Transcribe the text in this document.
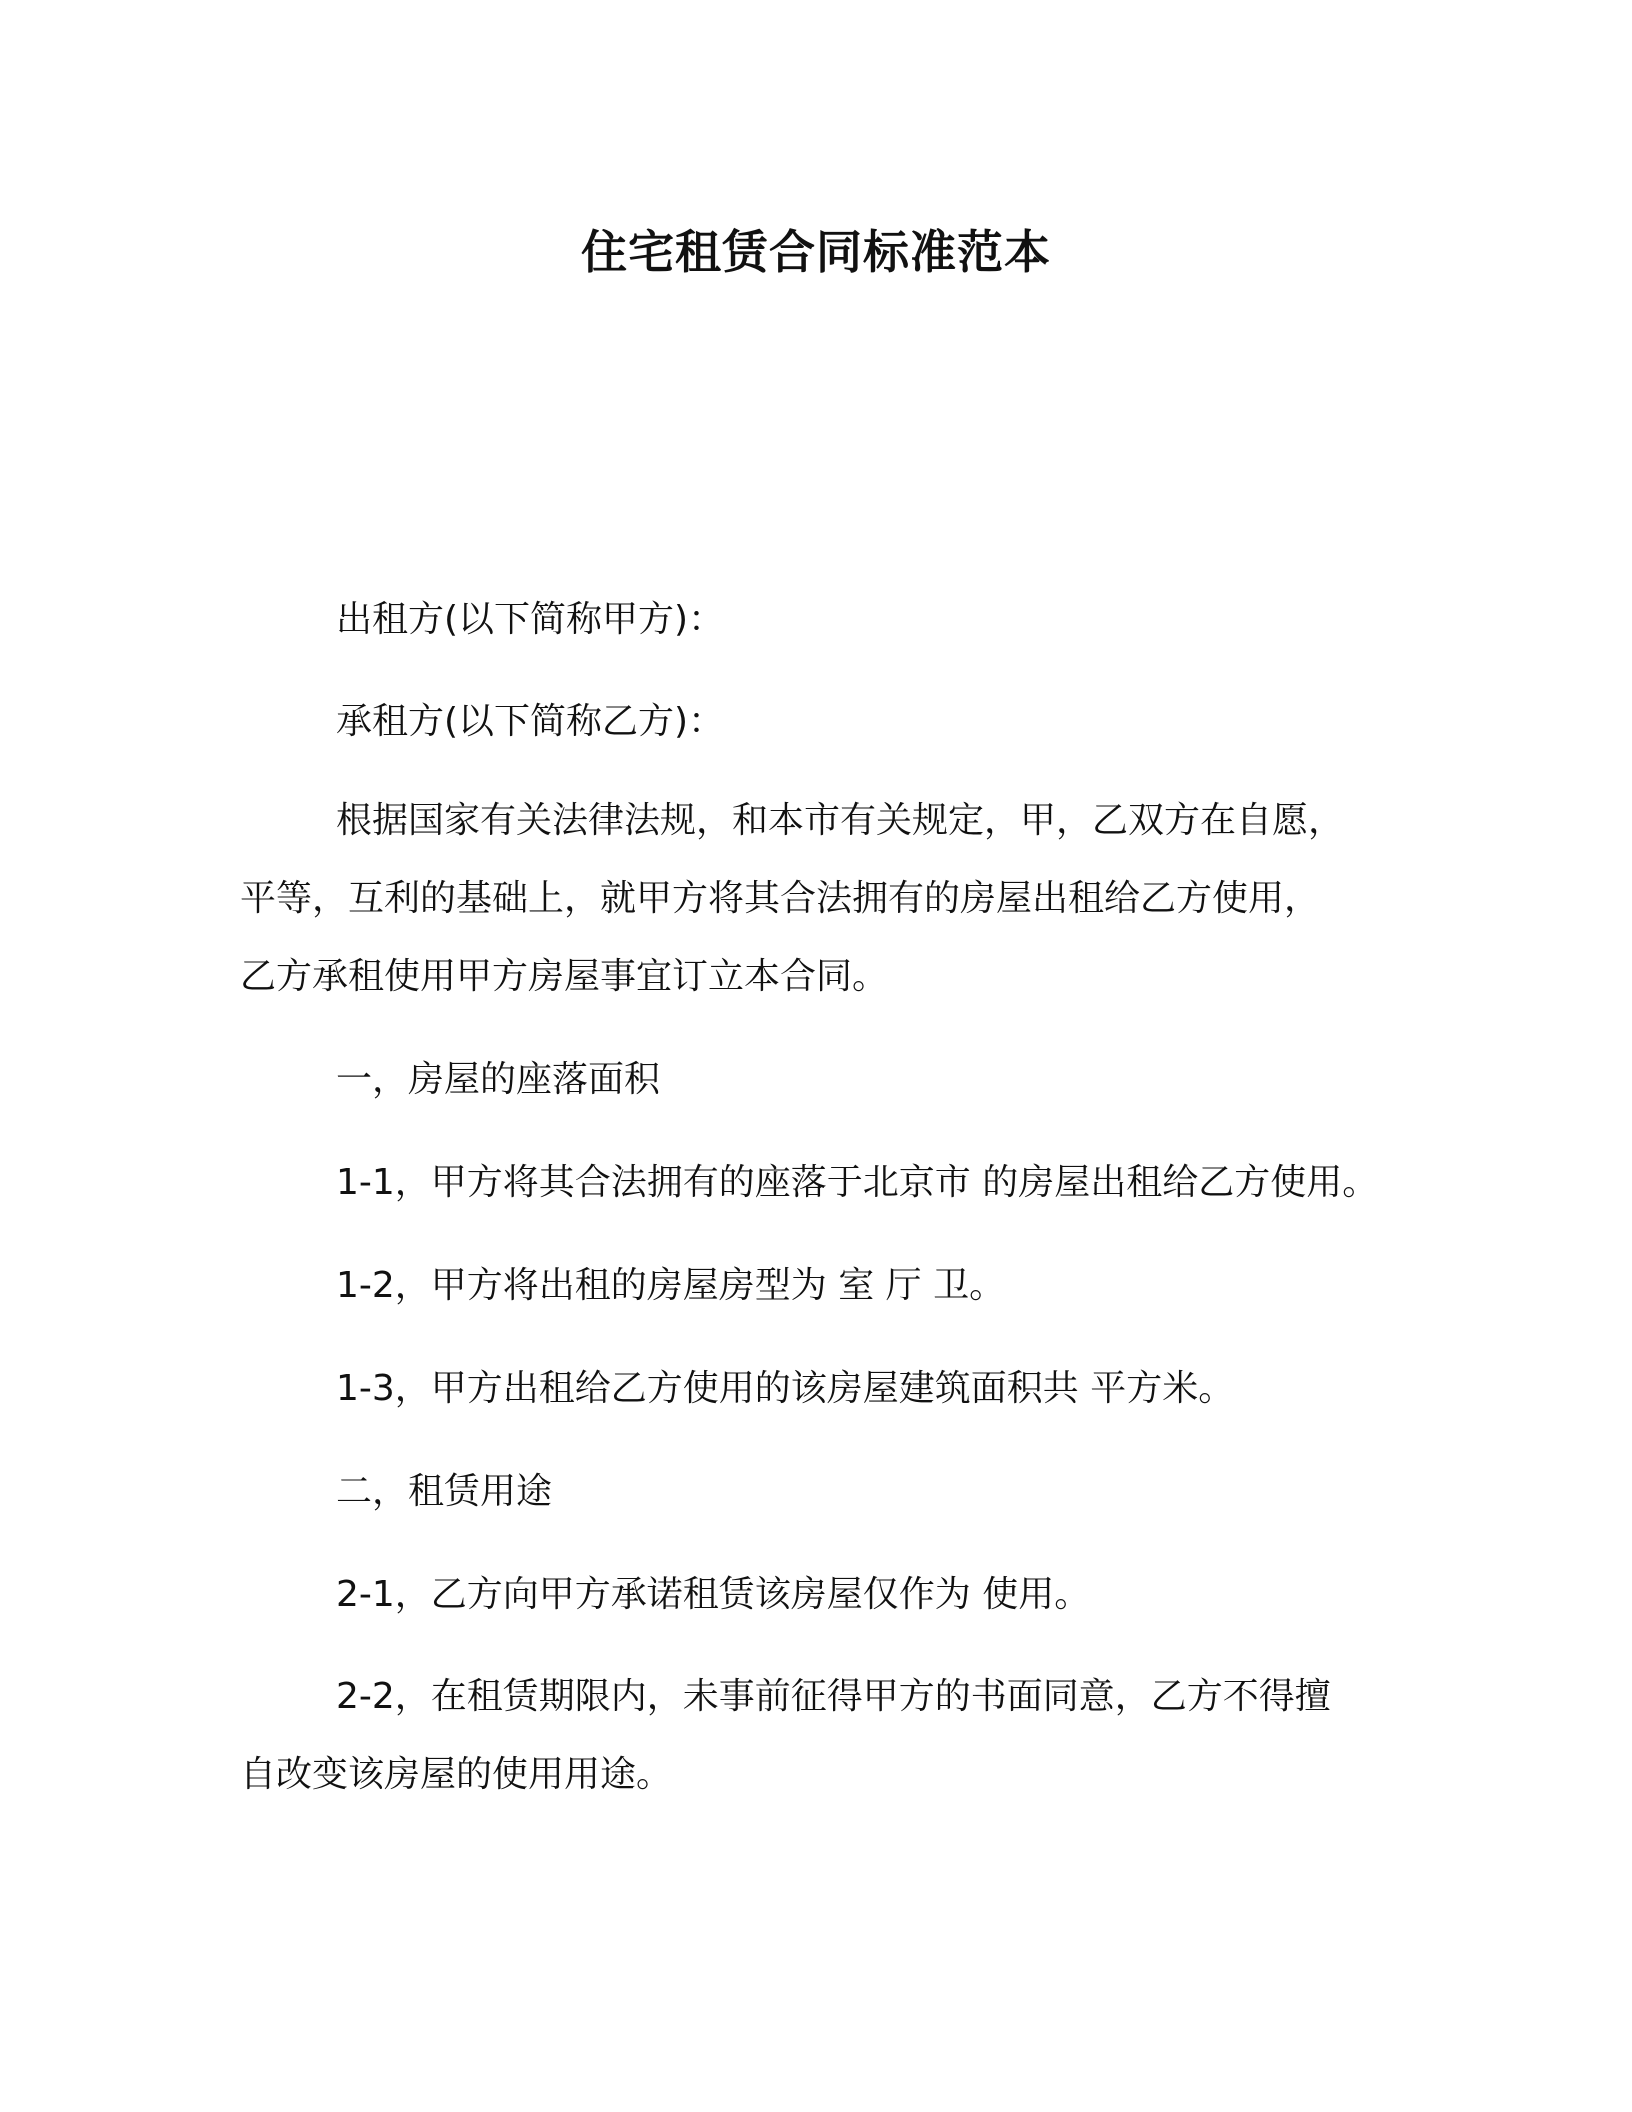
住宅租赁合同标准范本

出租方(以下简称甲方)：

承租方(以下简称乙方)：

根据国家有关法律法规，和本市有关规定，甲，乙双方在自愿，

平等，互利的基础上，就甲方将其合法拥有的房屋出租给乙方使用，

乙方承租使用甲方房屋事宜订立本合同。

一，房屋的座落面积

1-1，甲方将其合法拥有的座落于北京市 的房屋出租给乙方使用。

1-2，甲方将出租的房屋房型为 室 厅 卫。

1-3，甲方出租给乙方使用的该房屋建筑面积共 平方米。

二，租赁用途

2-1，乙方向甲方承诺租赁该房屋仅作为 使用。

2-2，在租赁期限内，未事前征得甲方的书面同意，乙方不得擅

自改变该房屋的使用用途。
